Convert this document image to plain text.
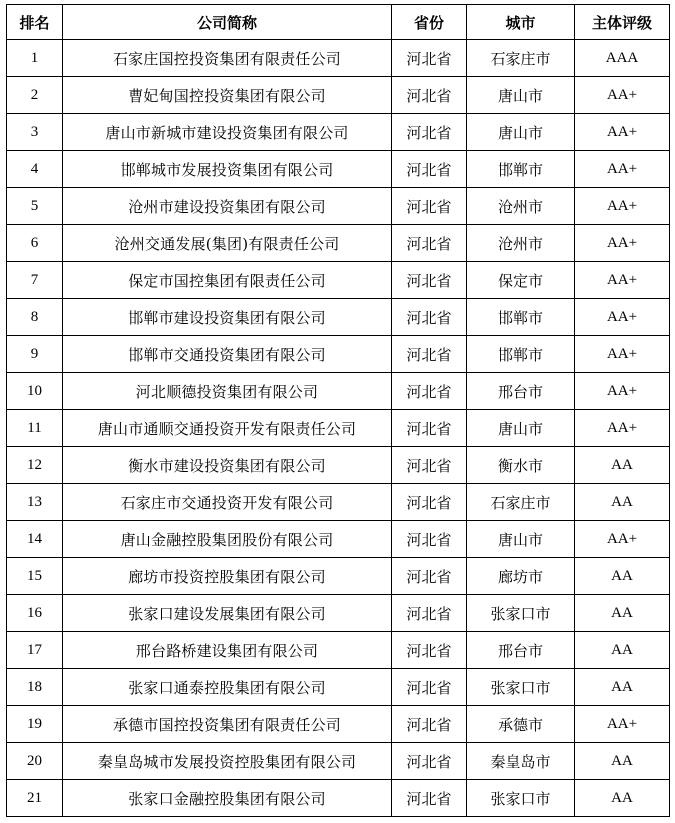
排名	公司简称	省份	城市	主体评级
1	石家庄国控投资集团有限责任公司	河北省	石家庄市	AAA
2	曹妃甸国控投资集团有限公司	河北省	唐山市	AA+
3	唐山市新城市建设投资集团有限公司	河北省	唐山市	AA+
4	邯郸城市发展投资集团有限公司	河北省	邯郸市	AA+
5	沧州市建设投资集团有限公司	河北省	沧州市	AA+
6	沧州交通发展(集团)有限责任公司	河北省	沧州市	AA+
7	保定市国控集团有限责任公司	河北省	保定市	AA+
8	邯郸市建设投资集团有限公司	河北省	邯郸市	AA+
9	邯郸市交通投资集团有限公司	河北省	邯郸市	AA+
10	河北顺德投资集团有限公司	河北省	邢台市	AA+
11	唐山市通顺交通投资开发有限责任公司	河北省	唐山市	AA+
12	衡水市建设投资集团有限公司	河北省	衡水市	AA
13	石家庄市交通投资开发有限公司	河北省	石家庄市	AA
14	唐山金融控股集团股份有限公司	河北省	唐山市	AA+
15	廊坊市投资控股集团有限公司	河北省	廊坊市	AA
16	张家口建设发展集团有限公司	河北省	张家口市	AA
17	邢台路桥建设集团有限公司	河北省	邢台市	AA
18	张家口通泰控股集团有限公司	河北省	张家口市	AA
19	承德市国控投资集团有限责任公司	河北省	承德市	AA+
20	秦皇岛城市发展投资控股集团有限公司	河北省	秦皇岛市	AA
21	张家口金融控股集团有限公司	河北省	张家口市	AA
